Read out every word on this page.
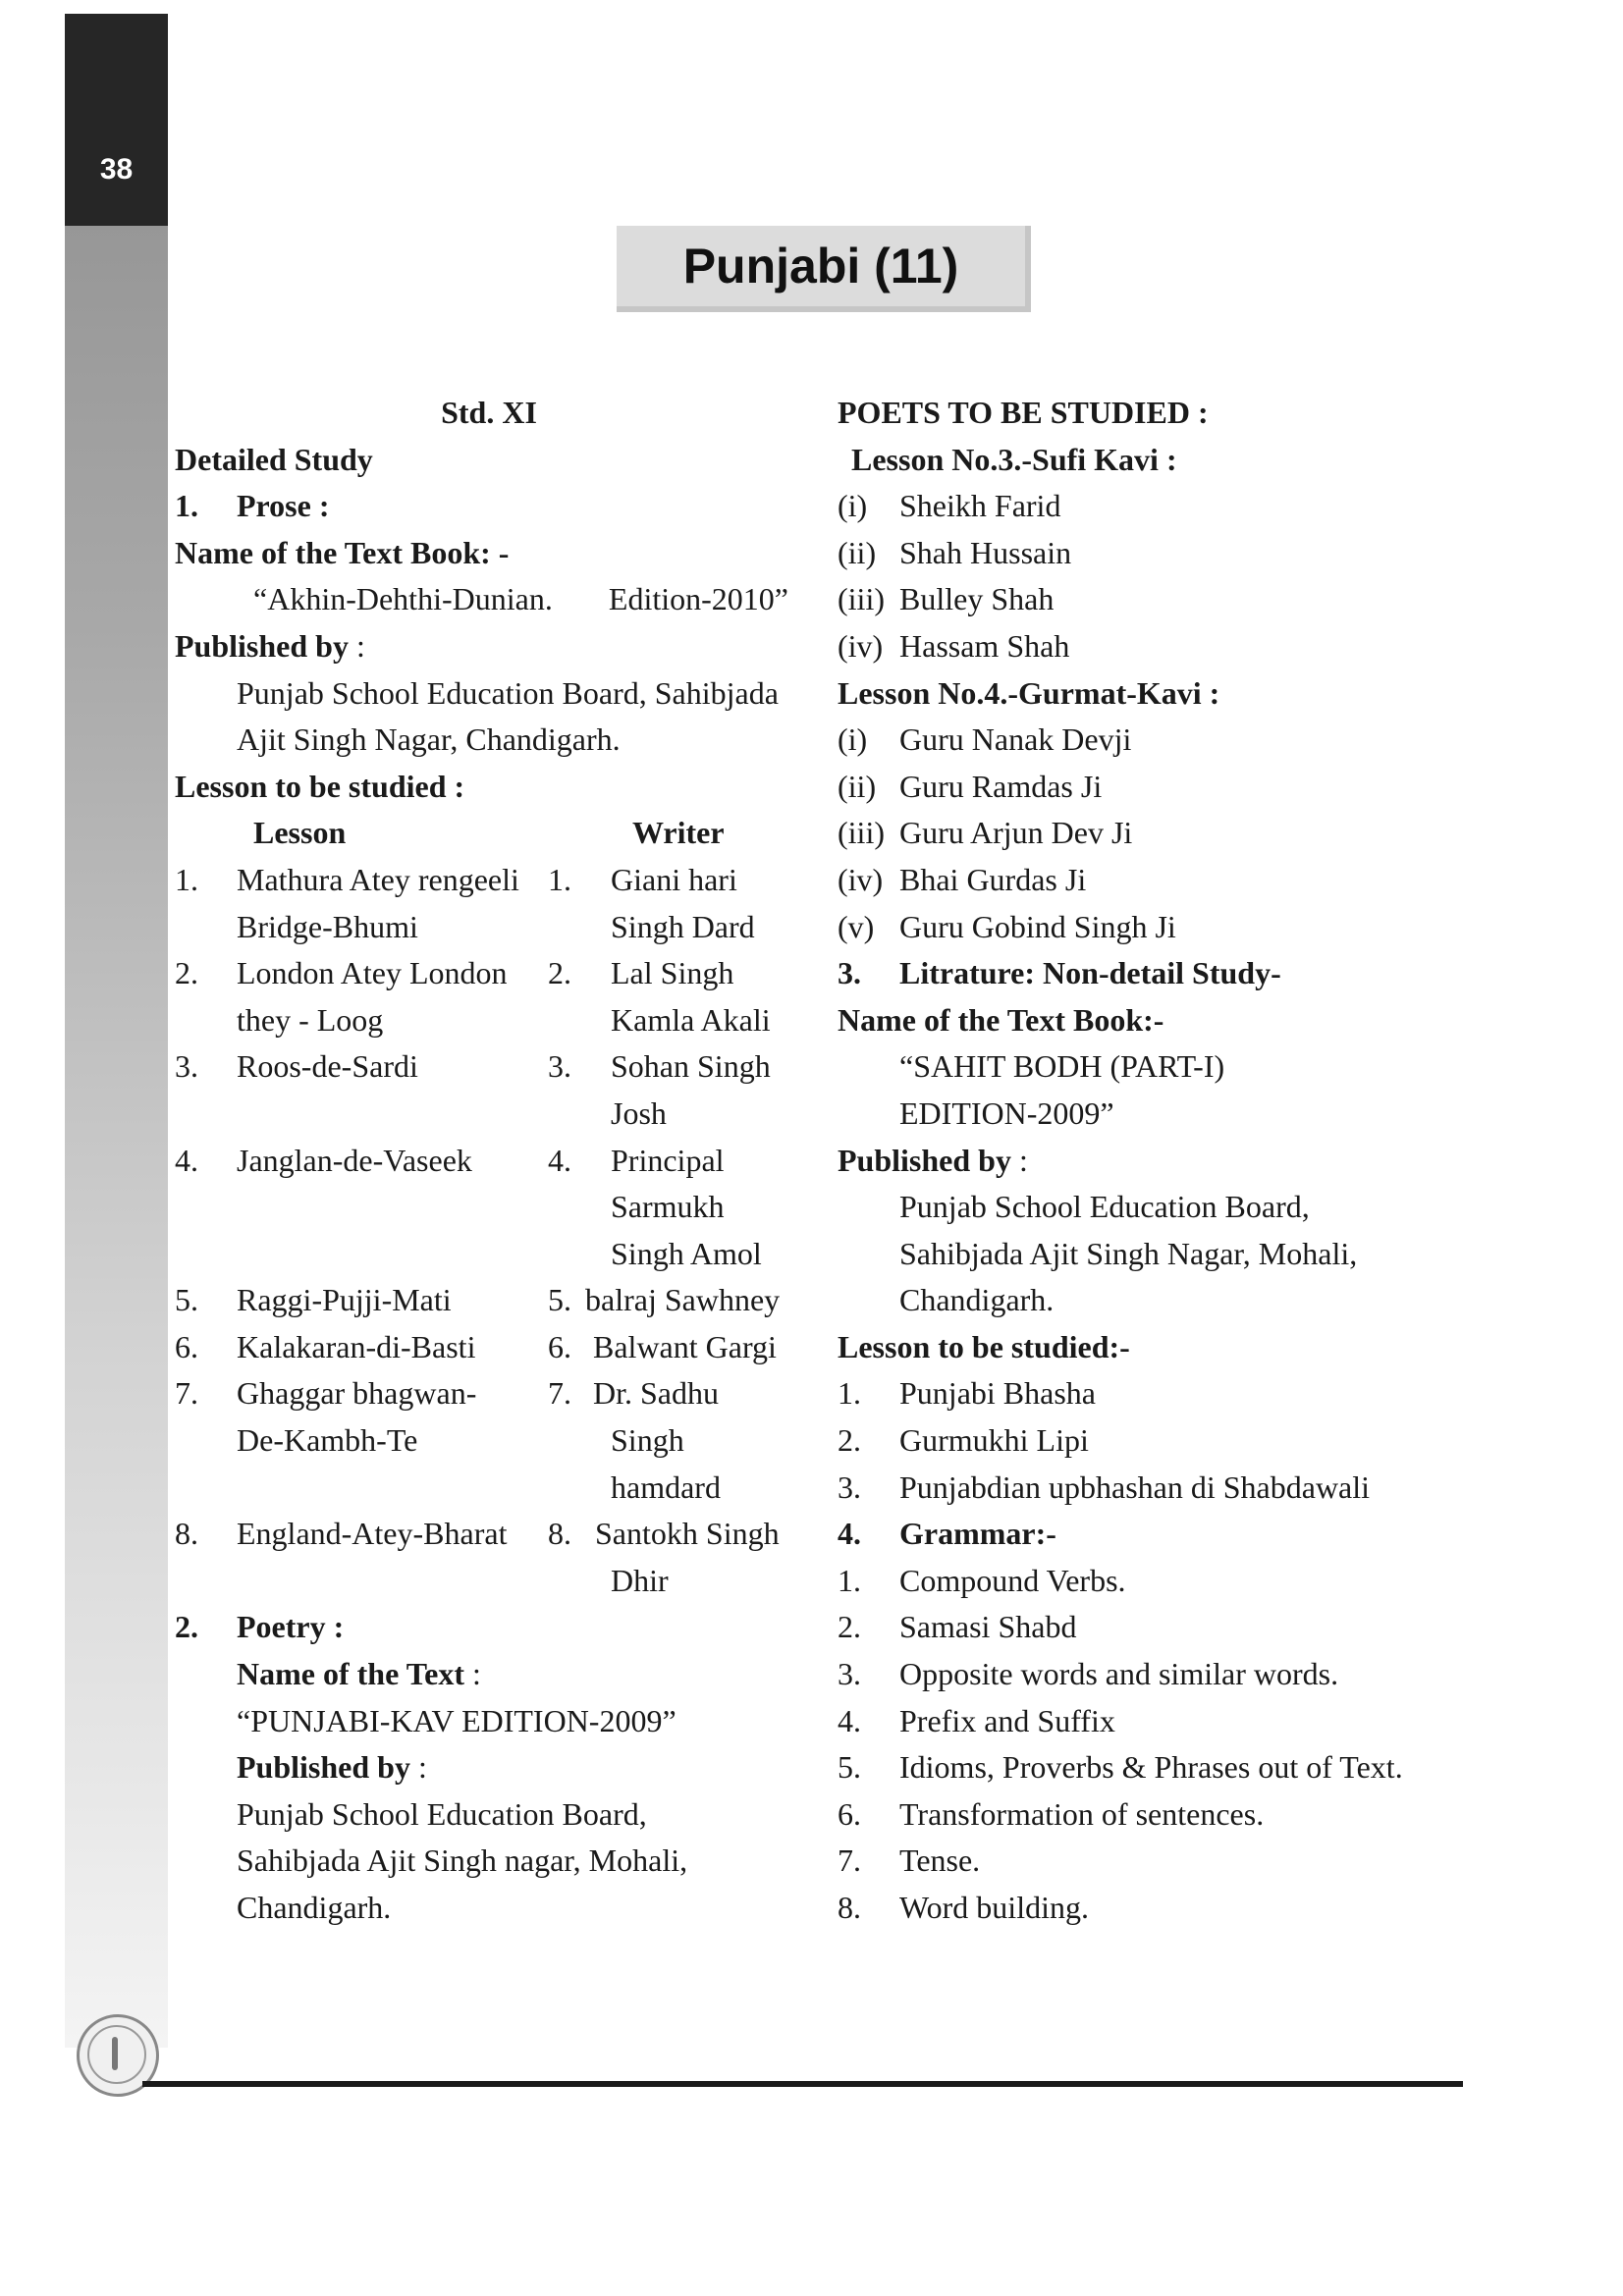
38
Punjabi (11)
Std. XI
Detailed Study
1. Prose :
Name of the Text Book: -
“Akhin-Dehthi-Dunian. Edition-2010”
Published by :
Punjab School Education Board, Sahibjada
Ajit Singh Nagar, Chandigarh.
Lesson to be studied :
Lesson	Writer
1. Mathura Atey rengeeli 1. Giani hari
Bridge-Bhumi	Singh Dard
2. London Atey London	2. Lal Singh
they - Loog	Kamla Akali
3. Roos-de-Sardi	3. Sohan Singh
Josh
4. Janglan-de-Vaseek	4. Principal
Sarmukh
Singh Amol
5. Raggi-Pujji-Mati	5. balraj Sawhney
6. Kalakaran-di-Basti	6. Balwant Gargi
7. Ghaggar bhagwan-	7. Dr. Sadhu
De-Kambh-Te	Singh
hamdard
8. England-Atey-Bharat	8. Santokh Singh
Dhir
2. Poetry :
Name of the Text :
“PUNJABI-KAV EDITION-2009”
Published by :
Punjab School Education Board,
Sahibjada Ajit Singh nagar, Mohali,
Chandigarh.
POETS TO BE STUDIED :
Lesson No.3.-Sufi Kavi :
(i) Sheikh Farid
(ii) Shah Hussain
(iii) Bulley Shah
(iv) Hassam Shah
Lesson No.4.-Gurmat-Kavi :
(i) Guru Nanak Devji
(ii) Guru Ramdas Ji
(iii) Guru Arjun Dev Ji
(iv) Bhai Gurdas Ji
(v) Guru Gobind Singh Ji
3. Litrature: Non-detail Study-
Name of the Text Book:-
“SAHIT BODH (PART-I)
EDITION-2009”
Published by :
Punjab School Education Board,
Sahibjada Ajit Singh Nagar, Mohali,
Chandigarh.
Lesson to be studied:-
1. Punjabi Bhasha
2. Gurmukhi Lipi
3. Punjabdian upbhashan di Shabdawali
4. Grammar:-
1. Compound Verbs.
2. Samasi Shabd
3. Opposite words and similar words.
4. Prefix and Suffix
5. Idioms, Proverbs & Phrases out of Text.
6. Transformation of sentences.
7. Tense.
8. Word building.
